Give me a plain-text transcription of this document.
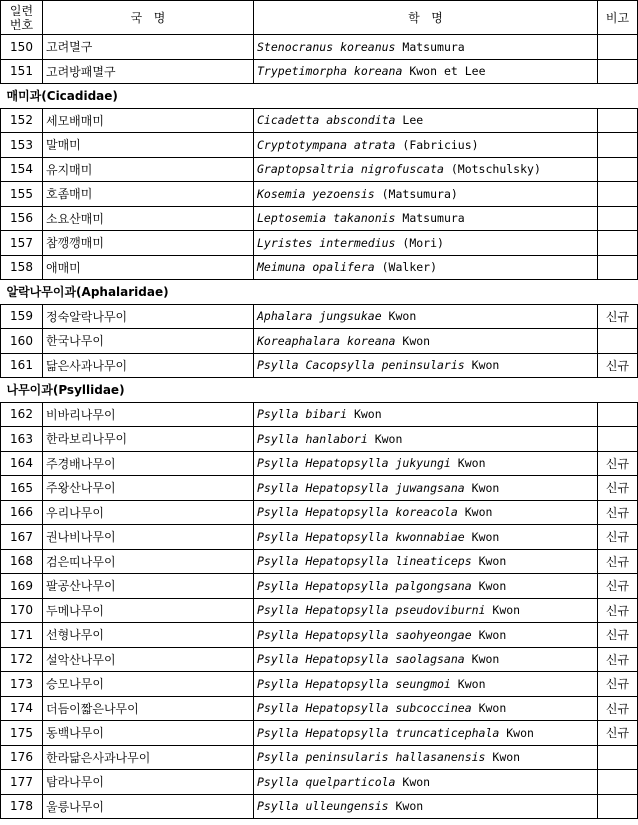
일련
번호	국   명	학   명	비고
150	고려멸구	Stenocranus koreanus Matsumura	
151	고려방패멸구	Trypetimorpha koreana Kwon et Lee	
매미과(Cicadidae)			
152	세모배매미	Cicadetta abscondita Lee	
153	말매미	Cryptotympana atrata (Fabricius)	
154	유지매미	Graptopsaltria nigrofuscata (Motschulsky)	
155	호좀매미	Kosemia yezoensis (Matsumura)	
156	소요산매미	Leptosemia takanonis Matsumura	
157	참깽깽매미	Lyristes intermedius (Mori)	
158	애매미	Meimuna opalifera (Walker)	
알락나무이과(Aphalaridae)			
159	정숙알락나무이	Aphalara jungsukae Kwon	신규
160	한국나무이	Koreaphalara koreana Kwon	
161	닮은사과나무이	Psylla Cacopsylla peninsularis Kwon	신규
나무이과(Psyllidae)			
162	비바리나무이	Psylla bibari Kwon	
163	한라보리나무이	Psylla hanlabori Kwon	
164	주경배나무이	Psylla Hepatopsylla jukyungi Kwon	신규
165	주왕산나무이	Psylla Hepatopsylla juwangsana Kwon	신규
166	우리나무이	Psylla Hepatopsylla koreacola Kwon	신규
167	권나비나무이	Psylla Hepatopsylla kwonnabiae Kwon	신규
168	검은띠나무이	Psylla Hepatopsylla lineaticeps Kwon	신규
169	팔공산나무이	Psylla Hepatopsylla palgongsana Kwon	신규
170	두메나무이	Psylla Hepatopsylla pseudoviburni Kwon	신규
171	선형나무이	Psylla Hepatopsylla saohyeongae Kwon	신규
172	설악산나무이	Psylla Hepatopsylla saolagsana Kwon	신규
173	승모나무이	Psylla Hepatopsylla seungmoi Kwon	신규
174	더듬이짧은나무이	Psylla Hepatopsylla subcoccinea Kwon	신규
175	동백나무이	Psylla Hepatopsylla truncaticephala Kwon	신규
176	한라닮은사과나무이	Psylla peninsularis hallasanensis Kwon	
177	탐라나무이	Psylla quelparticola Kwon	
178	울릉나무이	Psylla ulleungensis Kwon	
